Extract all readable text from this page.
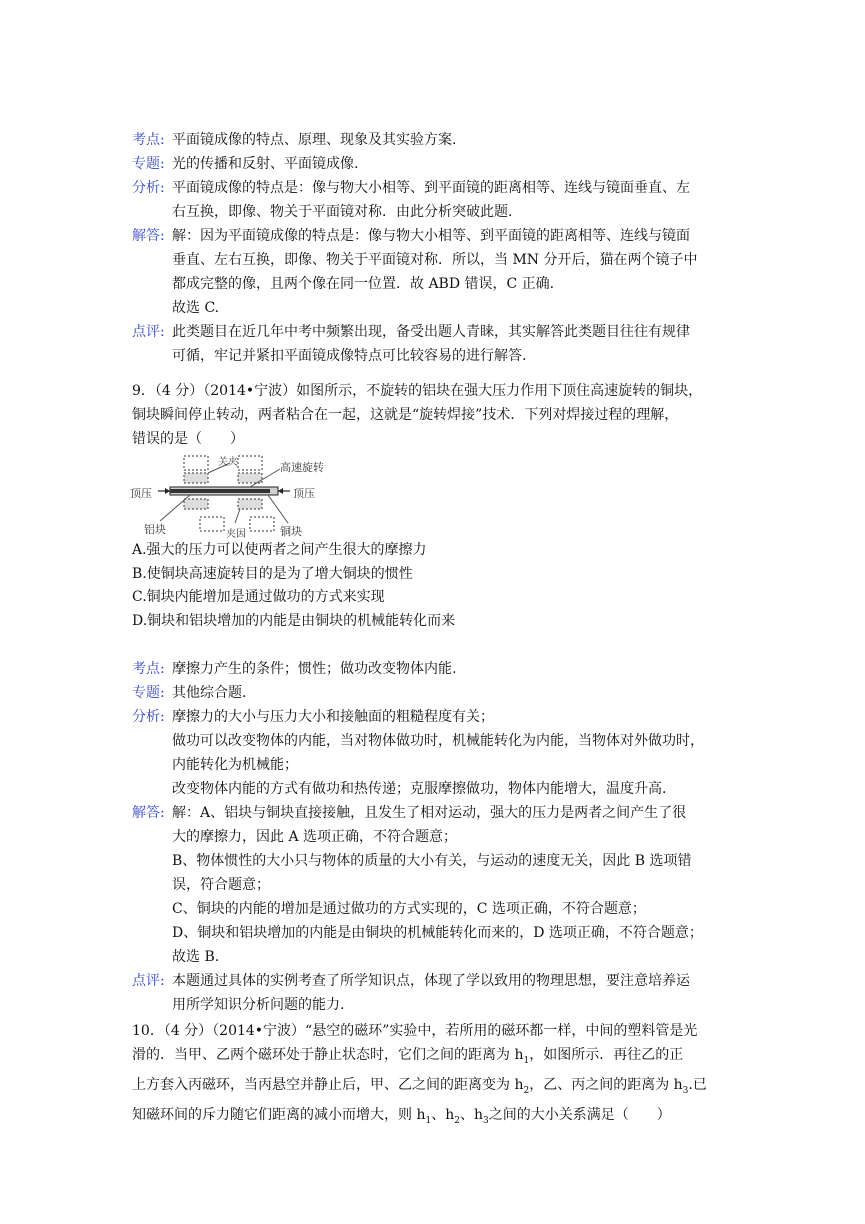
考点: 平面镜成像的特点、原理、现象及其实验方案.
专题: 光的传播和反射、平面镜成像.
分析: 平面镜成像的特点是：像与物大小相等、到平面镜的距离相等、连线与镜面垂直、左
右互换，即像、物关于平面镜对称．由此分析突破此题.
解答: 解：因为平面镜成像的特点是：像与物大小相等、到平面镜的距离相等、连线与镜面
垂直、左右互换，即像、物关于平面镜对称．所以，当 MN 分开后，猫在两个镜子中
都成完整的像，且两个像在同一位置．故 ABD 错误，C 正确.
故选 C.
点评: 此类题目在近几年中考中频繁出现，备受出题人青睐，其实解答此类题目往往有规律
可循，牢记并紧扣平面镜成像特点可比较容易的进行解答.
9．（4 分）（2014•宁波）如图所示，不旋转的铝块在强大压力作用下顶住高速旋转的铜块，
铜块瞬间停止转动，两者粘合在一起，这就是“旋转焊接”技术．下列对焊接过程的理解，
错误的是（　　）
关夹	高速旋转
顶压	顶压
铝块	夹因	铜块
A.强大的压力可以使两者之间产生很大的摩擦力
B.使铜块高速旋转目的是为了增大铜块的惯性
C.铜块内能增加是通过做功的方式来实现
D.铜块和铝块增加的内能是由铜块的机械能转化而来
考点: 摩擦力产生的条件；惯性；做功改变物体内能.
专题: 其他综合题.
分析: 摩擦力的大小与压力大小和接触面的粗糙程度有关；
做功可以改变物体的内能，当对物体做功时，机械能转化为内能，当物体对外做功时，
内能转化为机械能；
改变物体内能的方式有做功和热传递；克服摩擦做功，物体内能增大，温度升高.
解答: 解：A、铝块与铜块直接接触，且发生了相对运动，强大的压力是两者之间产生了很
大的摩擦力，因此 A 选项正确，不符合题意；
B、物体惯性的大小只与物体的质量的大小有关，与运动的速度无关，因此 B 选项错
误，符合题意；
C、铜块的内能的增加是通过做功的方式实现的，C 选项正确，不符合题意；
D、铜块和铝块增加的内能是由铜块的机械能转化而来的，D 选项正确，不符合题意；
故选 B.
点评: 本题通过具体的实例考查了所学知识点，体现了学以致用的物理思想，要注意培养运
用所学知识分析问题的能力.
10．（4 分）（2014•宁波）“悬空的磁环”实验中，若所用的磁环都一样，中间的塑料管是光
滑的．当甲、乙两个磁环处于静止状态时，它们之间的距离为 $h_1$，如图所示．再往乙的正
上方套入丙磁环，当丙悬空并静止后，甲、乙之间的距离变为 $h_2$，乙、丙之间的距离为 $h_3$.已
知磁环间的斥力随它们距离的减小而增大，则 $h_1$、$h_2$、$h_3$之间的大小关系满足（　　）
